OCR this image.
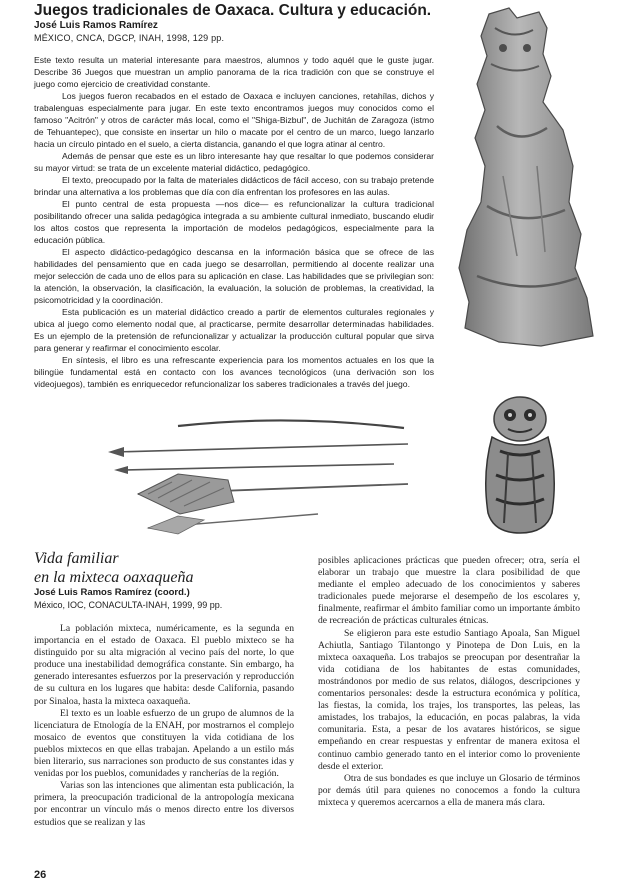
Juegos tradicionales de Oaxaca. Cultura y educación.
José Luis Ramos Ramírez
MÉXICO, CNCA, DGCP, INAH, 1998, 129 pp.

Este texto resulta un material interesante para maestros, alumnos y todo aquél que le guste jugar. Describe 36 Juegos que muestran un amplio panorama de la rica tradición con que se construye el juego como ejercicio de creatividad constante.

Los juegos fueron recabados en el estado de Oaxaca e incluyen canciones, retahílas, dichos y trabalenguas especialmente para jugar. En este texto encontramos juegos muy conocidos como el famoso "Acitrón" y otros de carácter más local, como el "Shiga-Bizbul", de Juchitán de Zaragoza (istmo de Tehuantepec), que consiste en insertar un hilo o macate por el centro de un marco, luego lanzarlo hacia un círculo pintado en el suelo, a cierta distancia, ganando el que logra atinar al centro.

Además de pensar que este es un libro interesante hay que resaltar lo que podemos considerar su mayor virtud: se trata de un excelente material didáctico, pedagógico.

El texto, preocupado por la falta de materiales didácticos de fácil acceso, con su trabajo pretende brindar una alternativa a los problemas que día con día enfrentan los profesores en las aulas.

El punto central de esta propuesta —nos dice— es refuncionalizar la cultura tradicional posibilitando ofrecer una salida pedagógica integrada a su ambiente cultural inmediato, buscando eludir los altos costos que representa la importación de modelos pedagógicos, especialmente para la educación pública.

El aspecto didáctico-pedagógico descansa en la información básica que se ofrece de las habilidades del pensamiento que en cada juego se desarrollan, permitiendo al docente realizar una mejor selección de cada uno de ellos para su aplicación en clase. Las habilidades que se privilegian son: la atención, la observación, la clasificación, la evaluación, la solución de problemas, la creatividad, la psicomotricidad y la coordinación.

Esta publicación es un material didáctico creado a partir de elementos culturales regionales y ubica al juego como elemento nodal que, al practicarse, permite desarrollar determinadas habilidades. Es un ejemplo de la pretensión de refuncionalizar y actualizar la producción cultural popular que sirva para generar y reafirmar el conocimiento escolar.

En síntesis, el libro es una refrescante experiencia para los momentos actuales en los que la bilingüe fundamental está en contacto con los avances tecnológicos (una derivación son los videojuegos), también es enriquecedor refuncionalizar los saberes tradicionales a través del juego.

Vida familiar
en la mixteca oaxaqueña
José Luis Ramos Ramírez (coord.)
México, IOC, CONACULTA-INAH, 1999, 99 pp.

La población mixteca, numéricamente, es la segunda en importancia en el estado de Oaxaca. El pueblo mixteco se ha distinguido por su alta migración al vecino país del norte, lo que produce una inestabilidad demográfica constante. Sin embargo, ha generado interesantes esfuerzos por la preservación y reproducción de su cultura en los lugares que habita: desde California, pasando por Sinaloa, hasta la mixteca oaxaqueña.

El texto es un loable esfuerzo de un grupo de alumnos de la licenciatura de Etnología de la ENAH, por mostrarnos el complejo mosaico de eventos que constituyen la vida cotidiana de los pueblos mixtecos en que ellas trabajan. Apelando a un estilo más bien literario, sus narraciones son producto de sus constantes idas y venidas por los pueblos, comunidades y rancherías de la región.

Varias son las intenciones que alimentan esta publicación, la primera, la preocupación tradicional de la antropología mexicana por encontrar un vínculo más o menos directo entre los diversos estudios que se realizan y las

posibles aplicaciones prácticas que pueden ofrecer; otra, sería el elaborar un trabajo que muestre la clara posibilidad de que mediante el empleo adecuado de los conocimientos y saberes tradicionales puede mejorarse el desempeño de los escolares y, finalmente, reafirmar el ámbito familiar como un importante ámbito de recreación de prácticas culturales étnicas.

Se eligieron para este estudio Santiago Apoala, San Miguel Achiutla, Santiago Tilantongo y Pinotepa de Don Luis, en la mixteca oaxaqueña. Los trabajos se preocupan por desentrañar la vida cotidiana de los habitantes de estas comunidades, mostrándonos por medio de sus relatos, diálogos, descripciones y comentarios personales: desde la estructura económica y política, las fiestas, la comida, los trajes, los transportes, las peleas, las amistades, los trabajos, la educación, en pocas palabras, la vida comunitaria. Esta, a pesar de los avatares históricos, se sigue empeñando en crear respuestas y enfrentar de manera exitosa el continuo cambio generado tanto en el interior como lo proveniente desde el exterior.

Otra de sus bondades es que incluye un Glosario de términos por demás útil para quienes no conocemos a fondo la cultura mixteca y queremos acercarnos a ella de manera más clara.

26
